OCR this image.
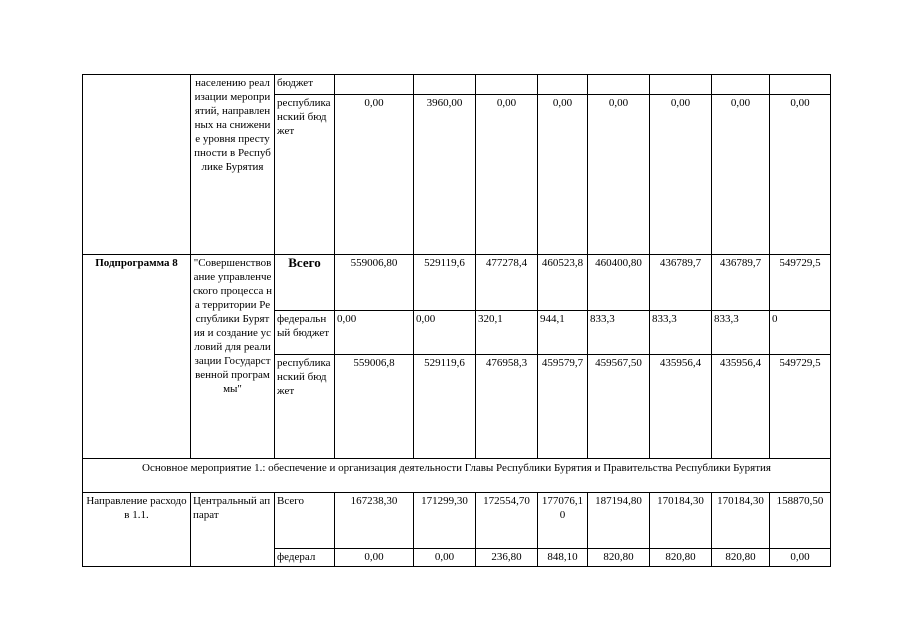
	населению реализации мероприятий, направленных на снижение уровня преступности в Республике Бурятия	бюджет								
		республиканский бюджет	0,00	3960,00	0,00	0,00	0,00	0,00	0,00	0,00
Подпрограмма 8	"Совершенствование управленческого процесса на территории Республики Бурятия и создание условий для реализации Государственной программы"	Всего	559006,80	529119,6	477278,4	460523,8	460400,80	436789,7	436789,7	549729,5
		федеральный бюджет	0,00	0,00	320,1	944,1	833,3	833,3	833,3	0
		республиканский бюджет	559006,8	529119,6	476958,3	459579,7	459567,50	435956,4	435956,4	549729,5
Основное мероприятие 1.: обеспечение и организация деятельности Главы Республики Бурятия и Правительства Республики Бурятия										
Направление расходов 1.1.	Центральный аппарат	Всего	167238,30	171299,30	172554,70	177076,10	187194,80	170184,30	170184,30	158870,50
		федерал	0,00	0,00	236,80	848,10	820,80	820,80	820,80	0,00
